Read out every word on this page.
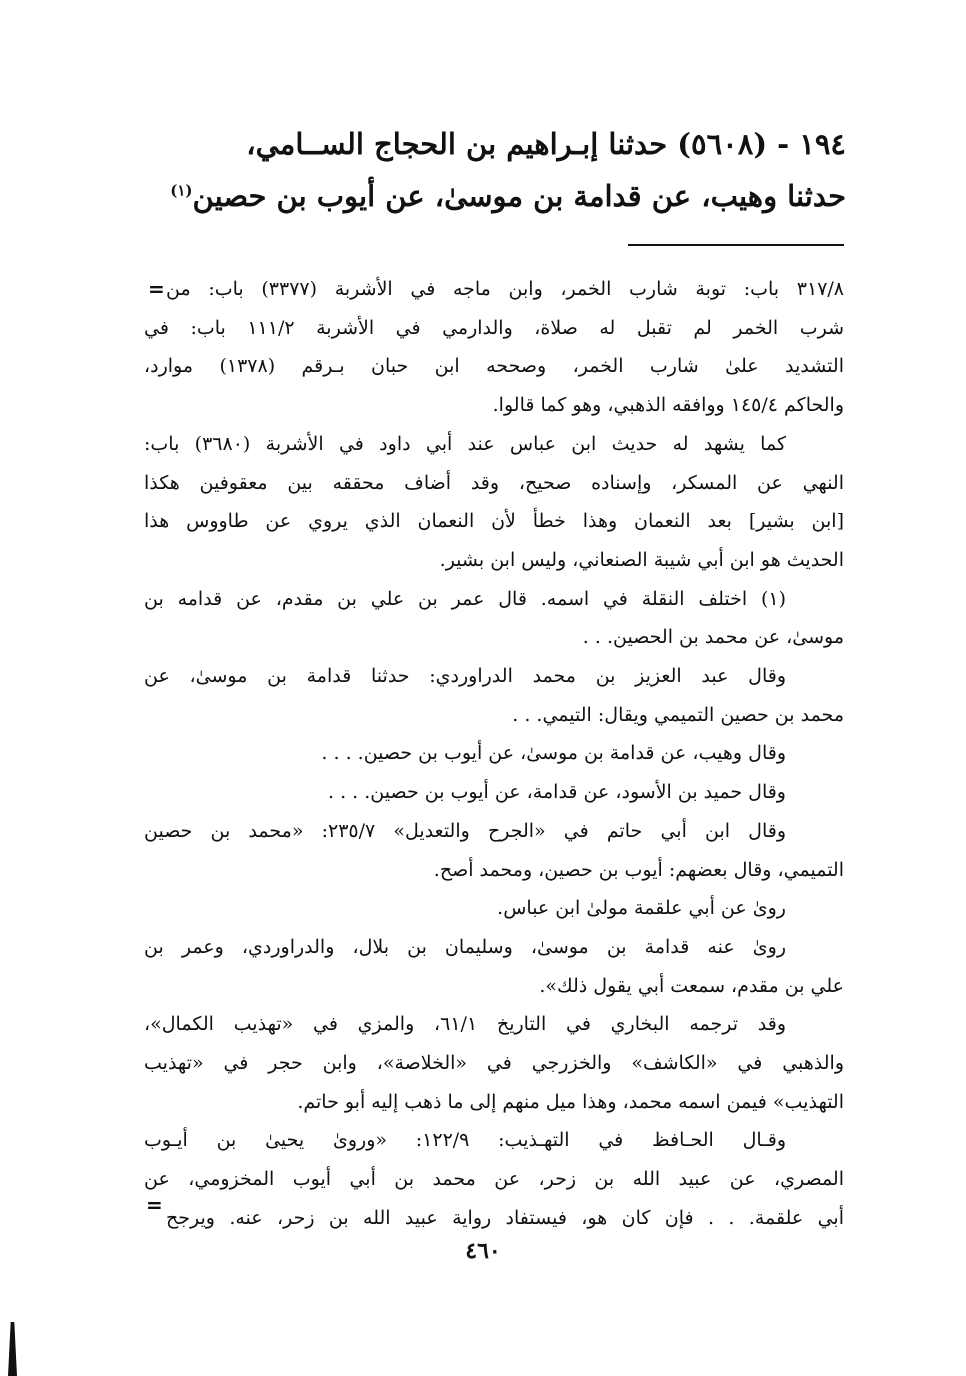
١٩٤ - (٥٦٠٨) حدثنا إبـراهيم بن الحجاج الســامي،
حدثنا وهيب، عن قدامة بن موسىٰ، عن أيوب بن حصين$^{(١)}$
= ٣١٧/٨ باب: توبة شارب الخمر، وابن ماجه في الأشربة (٣٣٧٧) باب: من
شرب الخمر لم تقبل له صلاة، والدارمي في الأشربة ١١١/٢ باب: في
التشديد علىٰ شارب الخمر، وصححه ابن حبان بـرقم (١٣٧٨) موارد،
والحاكم ١٤٥/٤ ووافقه الذهبي، وهو كما قالوا.
كما يشهد له حديث ابن عباس عند أبي داود في الأشربة (٣٦٨٠) باب:
النهي عن المسكر، وإسناده صحيح، وقد أضاف محققه بين معقوفين هكذا
[ابن بشير] بعد النعمان وهذا خطأ لأن النعمان الذي يروي عن طاووس هذا
الحديث هو ابن أبي شيبة الصنعاني، وليس ابن بشير.
(١) اختلف النقلة في اسمه. قال عمر بن علي بن مقدم، عن قدامه بن
موسىٰ، عن محمد بن الحصين. . .
وقال عبد العزيز بن محمد الدراوردي: حدثنا قدامة بن موسىٰ، عن
محمد بن حصين التميمي ويقال: التيمي. . .
وقال وهيب، عن قدامة بن موسىٰ، عن أيوب بن حصين. . . .
وقال حميد بن الأسود، عن قدامة، عن أيوب بن حصين. . . .
وقال ابن أبي حاتم في «الجرح والتعديل» ٢٣٥/٧: «محمد بن حصين
التميمي، وقال بعضهم: أيوب بن حصين، ومحمد أصح.
روىٰ عن أبي علقمة مولىٰ ابن عباس.
روىٰ عنه قدامة بن موسىٰ، وسليمان بن بلال، والدراوردي، وعمر بن
علي بن مقدم، سمعت أبي يقول ذلك».
وقد ترجمه البخاري في التاريخ ٦١/١، والمزي في «تهذيب الكمال»،
والذهبي في «الكاشف» والخزرجي في «الخلاصة»، وابن حجر في «تهذيب
التهذيب» فيمن اسمه محمد، وهذا ميل منهم إلى ما ذهب إليه أبو حاتم.
وقـال الحـافظ في التهـذيب: ١٢٢/٩: «وروىٰ يحيىٰ بن أيـوب
المصري، عن عبيد الله بن زحر، عن محمد بن أبي أيوب المخزومي، عن
أبي علقمة. . . فإن كان هو، فيستفاد رواية عبيد الله بن زحر، عنه. ويرجح
=
٤٦٠
